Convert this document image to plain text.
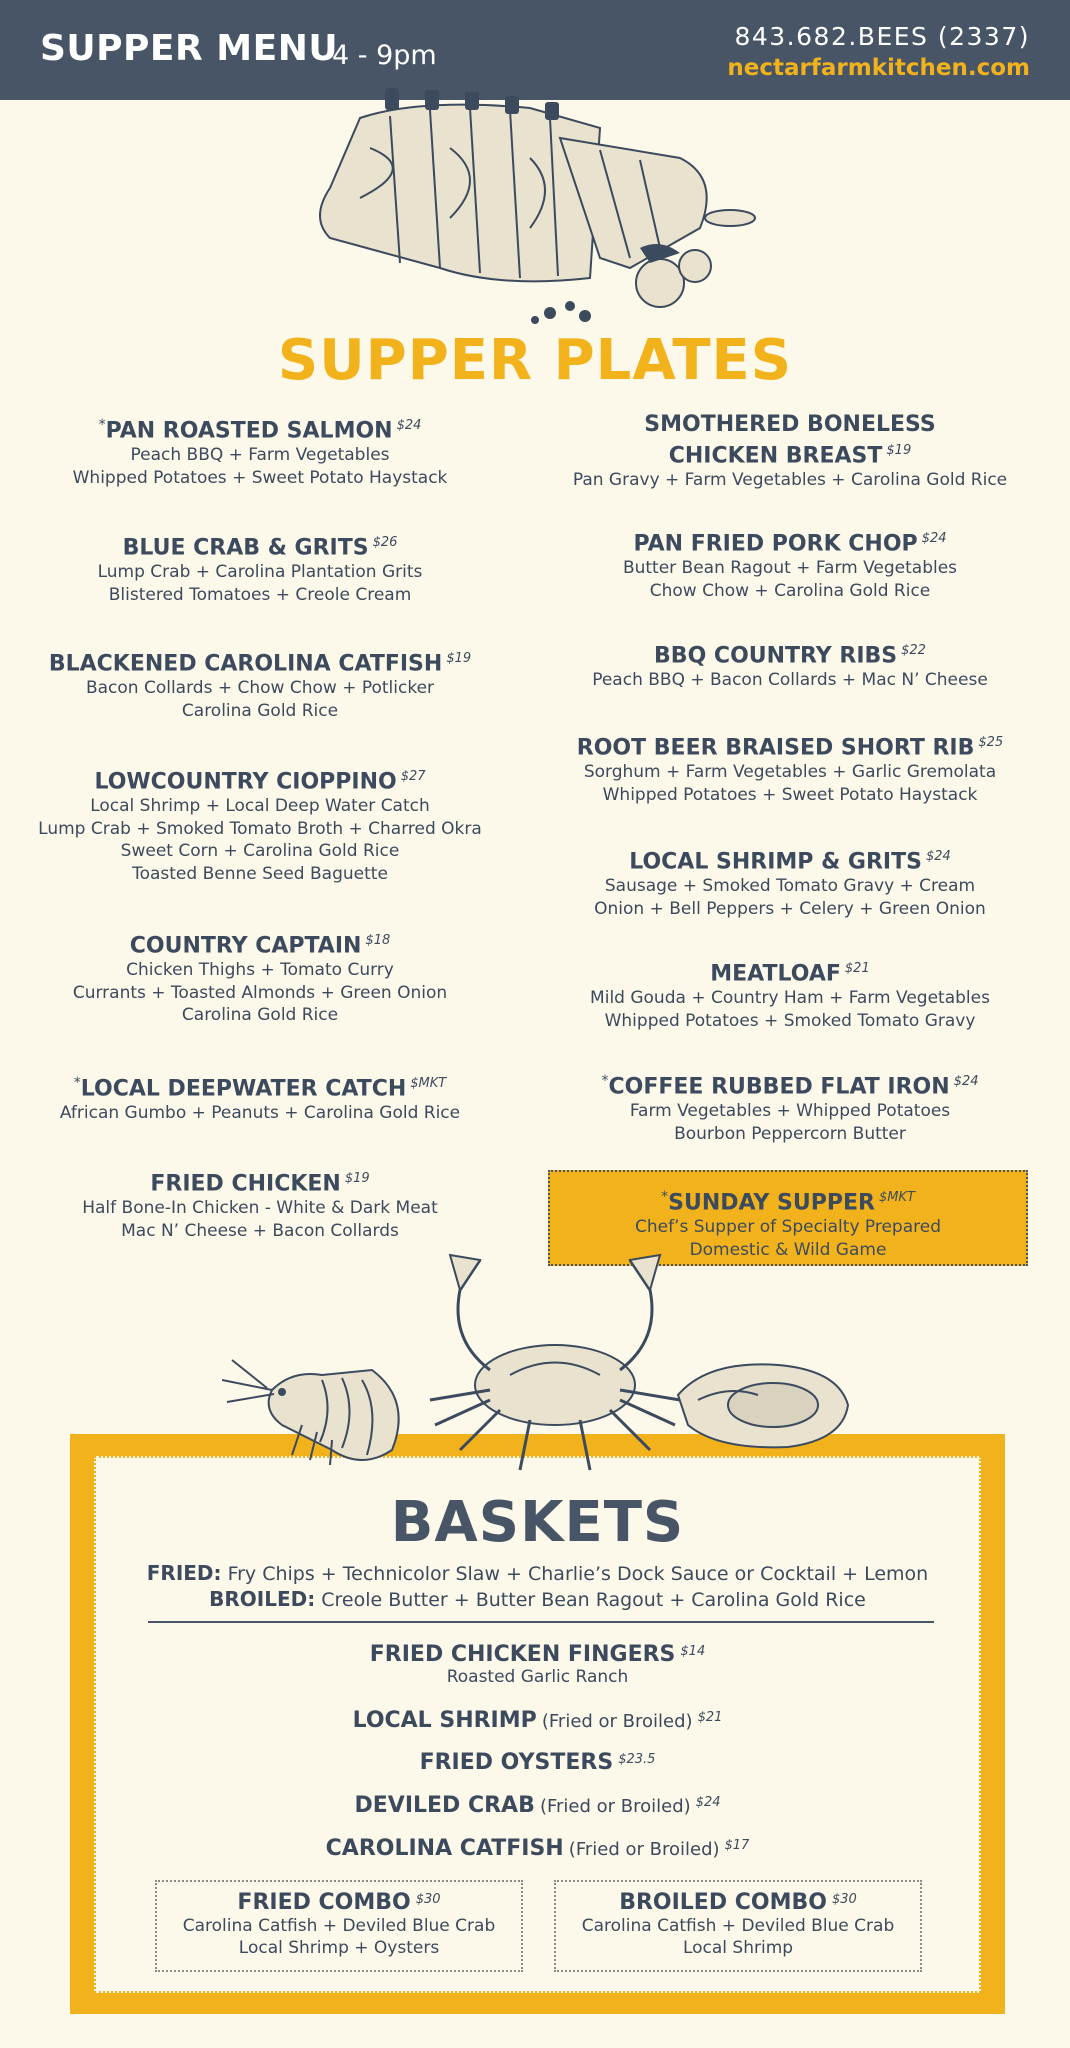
SUPPER MENU
4 - 9pm
843.682.BEES (2337)
nectarfarmkitchen.com
SUPPER PLATES
*PAN ROASTED SALMON $^{\$24}$
Peach BBQ + Farm Vegetables
Whipped Potatoes + Sweet Potato Haystack
BLUE CRAB & GRITS $^{\$26}$
Lump Crab + Carolina Plantation Grits
Blistered Tomatoes + Creole Cream
BLACKENED CAROLINA CATFISH $^{\$19}$
Bacon Collards + Chow Chow + Potlicker
Carolina Gold Rice
LOWCOUNTRY CIOPPINO $^{\$27}$
Local Shrimp + Local Deep Water Catch
Lump Crab + Smoked Tomato Broth + Charred Okra
Sweet Corn + Carolina Gold Rice
Toasted Benne Seed Baguette
COUNTRY CAPTAIN $^{\$18}$
Chicken Thighs + Tomato Curry
Currants + Toasted Almonds + Green Onion
Carolina Gold Rice
*LOCAL DEEPWATER CATCH $^{\$MKT}$
African Gumbo + Peanuts + Carolina Gold Rice
FRIED CHICKEN $^{\$19}$
Half Bone-In Chicken - White & Dark Meat
Mac N’ Cheese + Bacon Collards
SMOTHERED BONELESS
CHICKEN BREAST $^{\$19}$
Pan Gravy + Farm Vegetables + Carolina Gold Rice
PAN FRIED PORK CHOP $^{\$24}$
Butter Bean Ragout + Farm Vegetables
Chow Chow + Carolina Gold Rice
BBQ COUNTRY RIBS $^{\$22}$
Peach BBQ + Bacon Collards + Mac N’ Cheese
ROOT BEER BRAISED SHORT RIB $^{\$25}$
Sorghum + Farm Vegetables + Garlic Gremolata
Whipped Potatoes + Sweet Potato Haystack
LOCAL SHRIMP & GRITS $^{\$24}$
Sausage + Smoked Tomato Gravy + Cream
Onion + Bell Peppers + Celery + Green Onion
MEATLOAF $^{\$21}$
Mild Gouda + Country Ham + Farm Vegetables
Whipped Potatoes + Smoked Tomato Gravy
*COFFEE RUBBED FLAT IRON $^{\$24}$
Farm Vegetables + Whipped Potatoes
Bourbon Peppercorn Butter
*SUNDAY SUPPER $^{\$MKT}$
Chef’s Supper of Specialty Prepared
Domestic & Wild Game
BASKETS
FRIED: Fry Chips + Technicolor Slaw + Charlie’s Dock Sauce or Cocktail + Lemon
BROILED: Creole Butter + Butter Bean Ragout + Carolina Gold Rice
FRIED CHICKEN FINGERS $^{\$14}$
Roasted Garlic Ranch
LOCAL SHRIMP (Fried or Broiled) $^{\$21}$
FRIED OYSTERS $^{\$23.5}$
DEVILED CRAB (Fried or Broiled) $^{\$24}$
CAROLINA CATFISH (Fried or Broiled) $^{\$17}$
FRIED COMBO $^{\$30}$
Carolina Catfish + Deviled Blue Crab
Local Shrimp + Oysters
BROILED COMBO $^{\$30}$
Carolina Catfish + Deviled Blue Crab
Local Shrimp
